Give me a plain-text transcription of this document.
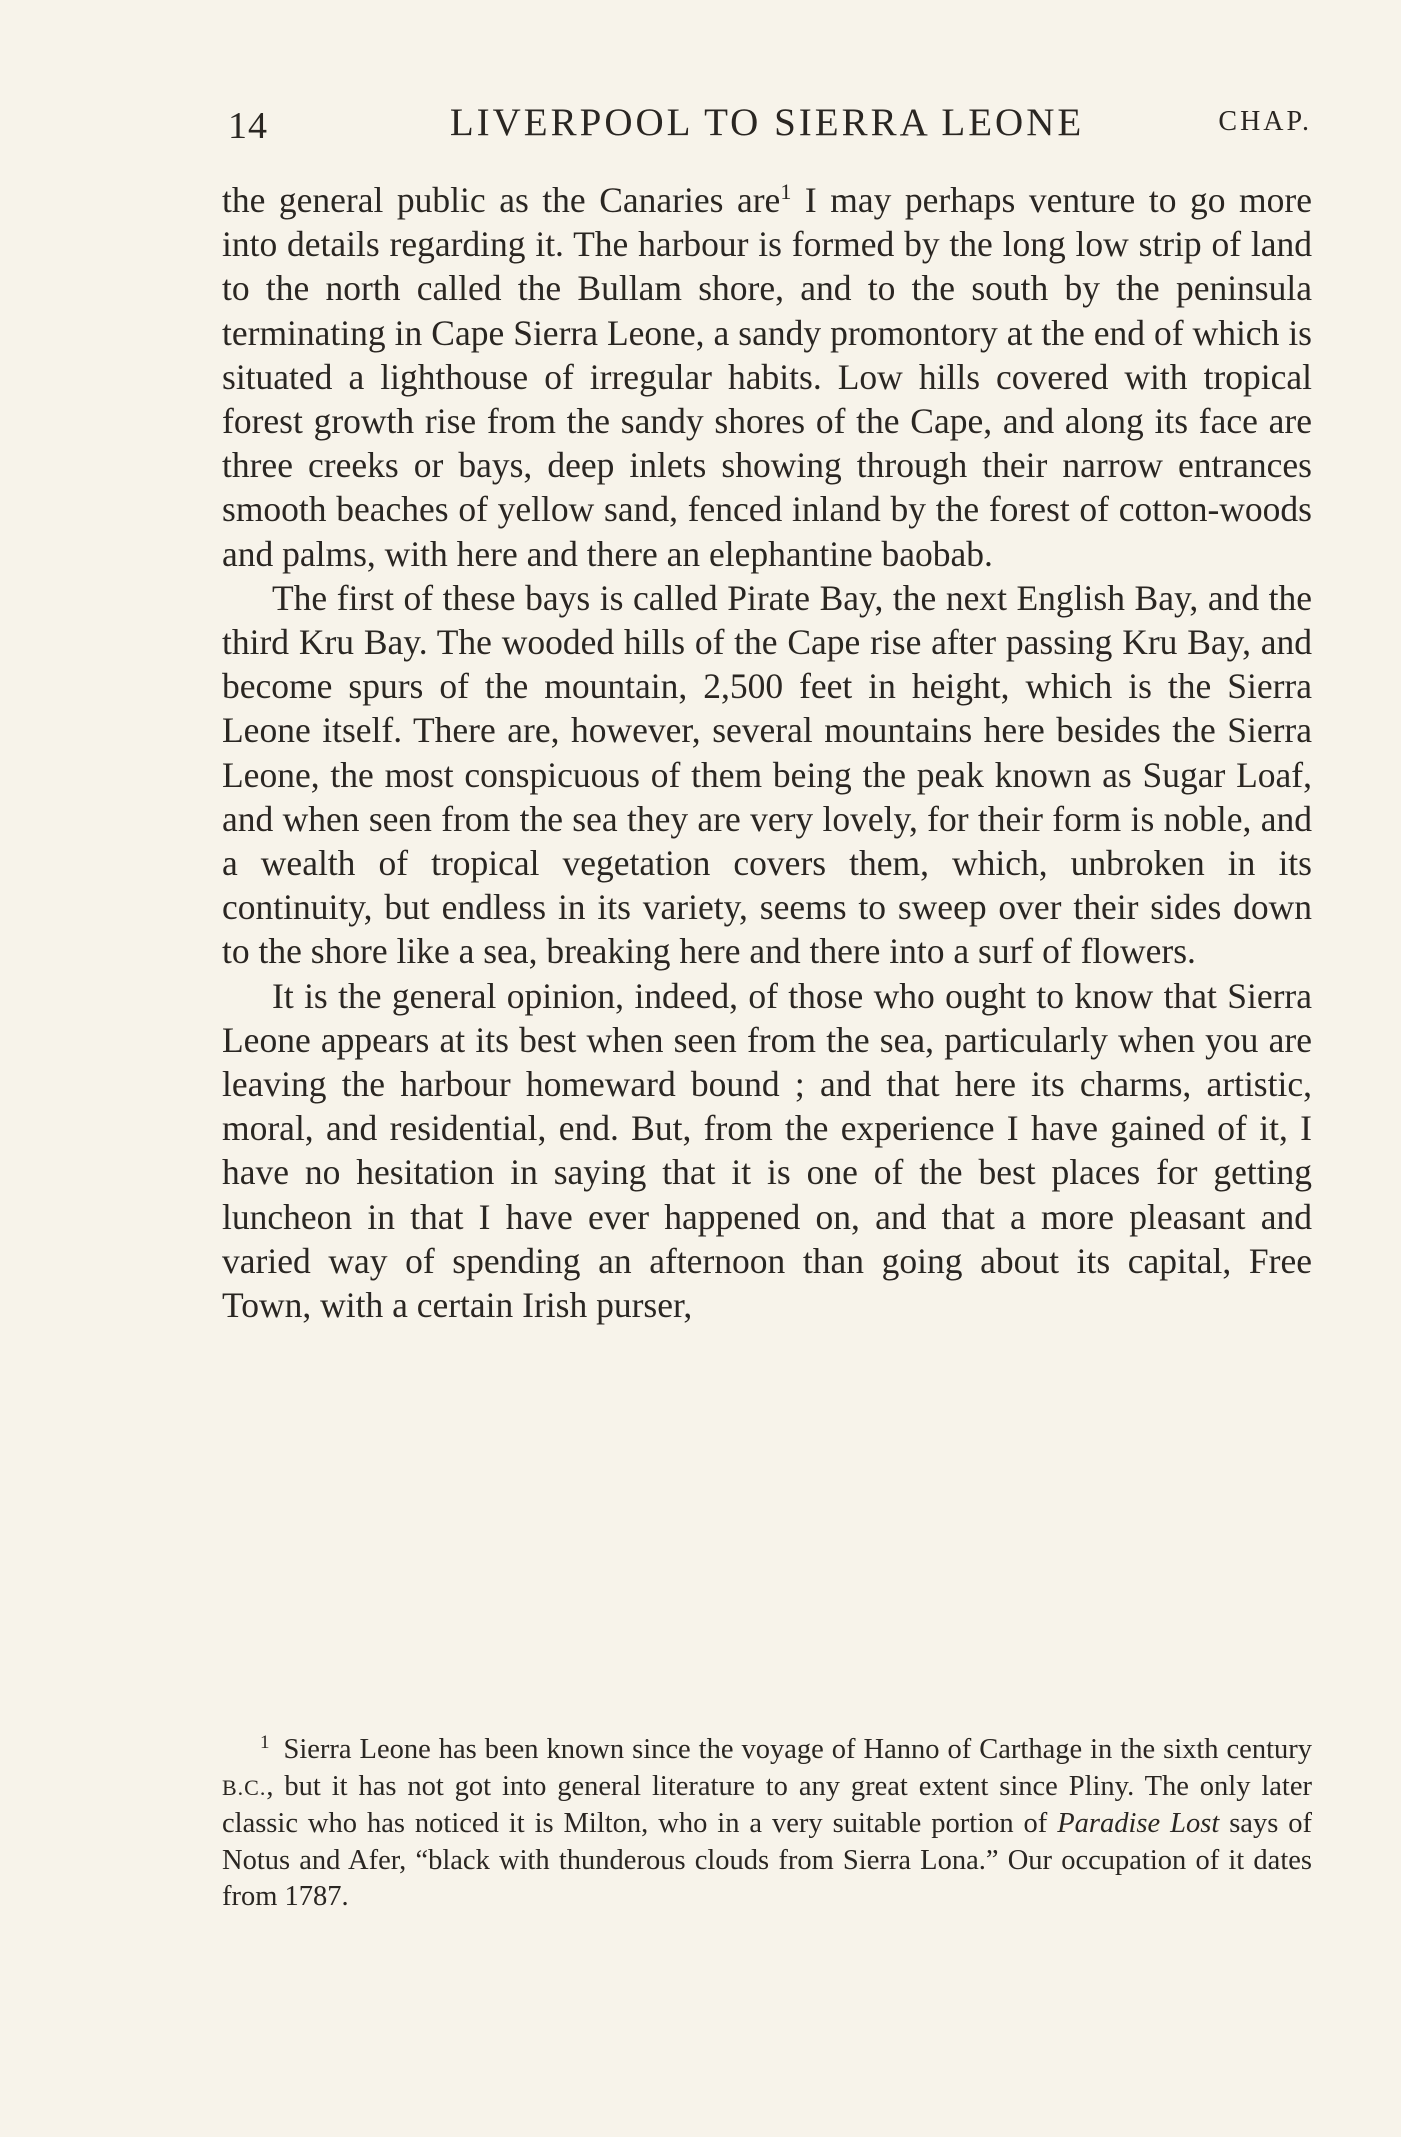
14	LIVERPOOL TO SIERRA LEONE	CHAP.

the general public as the Canaries are$^1$ I may perhaps venture to go more into details regarding it. The harbour is formed by the long low strip of land to the north called the Bullam shore, and to the south by the peninsula terminating in Cape Sierra Leone, a sandy promontory at the end of which is situated a lighthouse of irregular habits. Low hills covered with tropical forest growth rise from the sandy shores of the Cape, and along its face are three creeks or bays, deep inlets showing through their narrow entrances smooth beaches of yellow sand, fenced inland by the forest of cotton-woods and palms, with here and there an elephantine baobab.

The first of these bays is called Pirate Bay, the next English Bay, and the third Kru Bay. The wooded hills of the Cape rise after passing Kru Bay, and become spurs of the mountain, 2,500 feet in height, which is the Sierra Leone itself. There are, however, several mountains here besides the Sierra Leone, the most conspicuous of them being the peak known as Sugar Loaf, and when seen from the sea they are very lovely, for their form is noble, and a wealth of tropical vegetation covers them, which, unbroken in its continuity, but endless in its variety, seems to sweep over their sides down to the shore like a sea, breaking here and there into a surf of flowers.

It is the general opinion, indeed, of those who ought to know that Sierra Leone appears at its best when seen from the sea, particularly when you are leaving the harbour homeward bound ; and that here its charms, artistic, moral, and residential, end. But, from the experience I have gained of it, I have no hesitation in saying that it is one of the best places for getting luncheon in that I have ever happened on, and that a more pleasant and varied way of spending an afternoon than going about its capital, Free Town, with a certain Irish purser,

$^1$ Sierra Leone has been known since the voyage of Hanno of Carthage in the sixth century B.C., but it has not got into general literature to any great extent since Pliny. The only later classic who has noticed it is Milton, who in a very suitable portion of Paradise Lost says of Notus and Afer, “black with thunderous clouds from Sierra Lona.” Our occupation of it dates from 1787.
